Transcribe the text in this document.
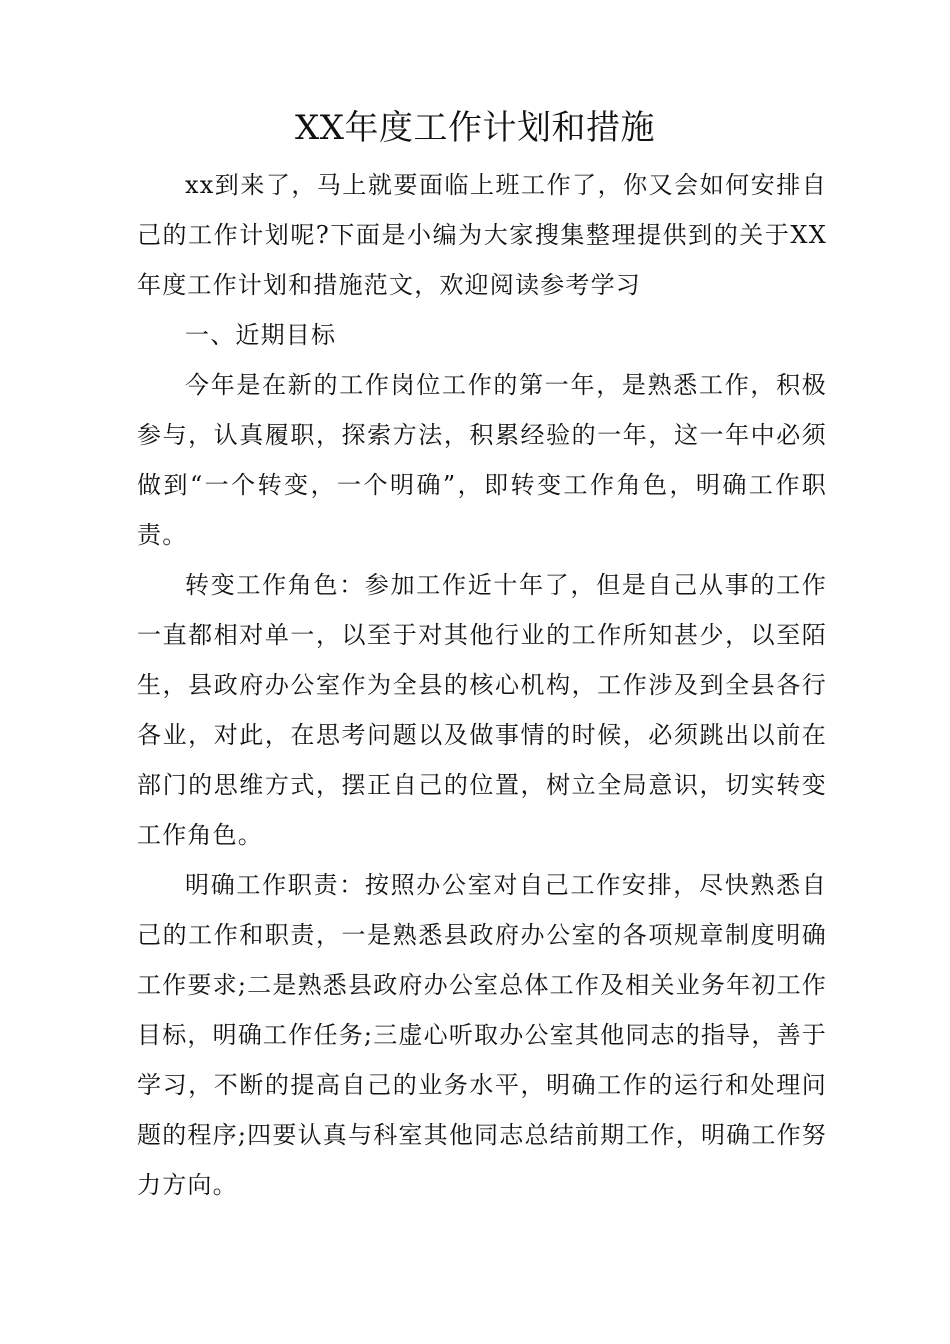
XX年度工作计划和措施

xx到来了，马上就要面临上班工作了，你又会如何安排自己的工作计划呢?下面是小编为大家搜集整理提供到的关于XX年度工作计划和措施范文，欢迎阅读参考学习

一、近期目标

今年是在新的工作岗位工作的第一年，是熟悉工作，积极参与，认真履职，探索方法，积累经验的一年，这一年中必须做到“一个转变，一个明确”，即转变工作角色，明确工作职责。

转变工作角色：参加工作近十年了，但是自己从事的工作一直都相对单一，以至于对其他行业的工作所知甚少，以至陌生，县政府办公室作为全县的核心机构，工作涉及到全县各行各业，对此，在思考问题以及做事情的时候，必须跳出以前在部门的思维方式，摆正自己的位置，树立全局意识，切实转变工作角色。

明确工作职责：按照办公室对自己工作安排，尽快熟悉自己的工作和职责，一是熟悉县政府办公室的各项规章制度明确工作要求;二是熟悉县政府办公室总体工作及相关业务年初工作目标，明确工作任务;三虚心听取办公室其他同志的指导，善于学习，不断的提高自己的业务水平，明确工作的运行和处理问题的程序;四要认真与科室其他同志总结前期工作，明确工作努力方向。
